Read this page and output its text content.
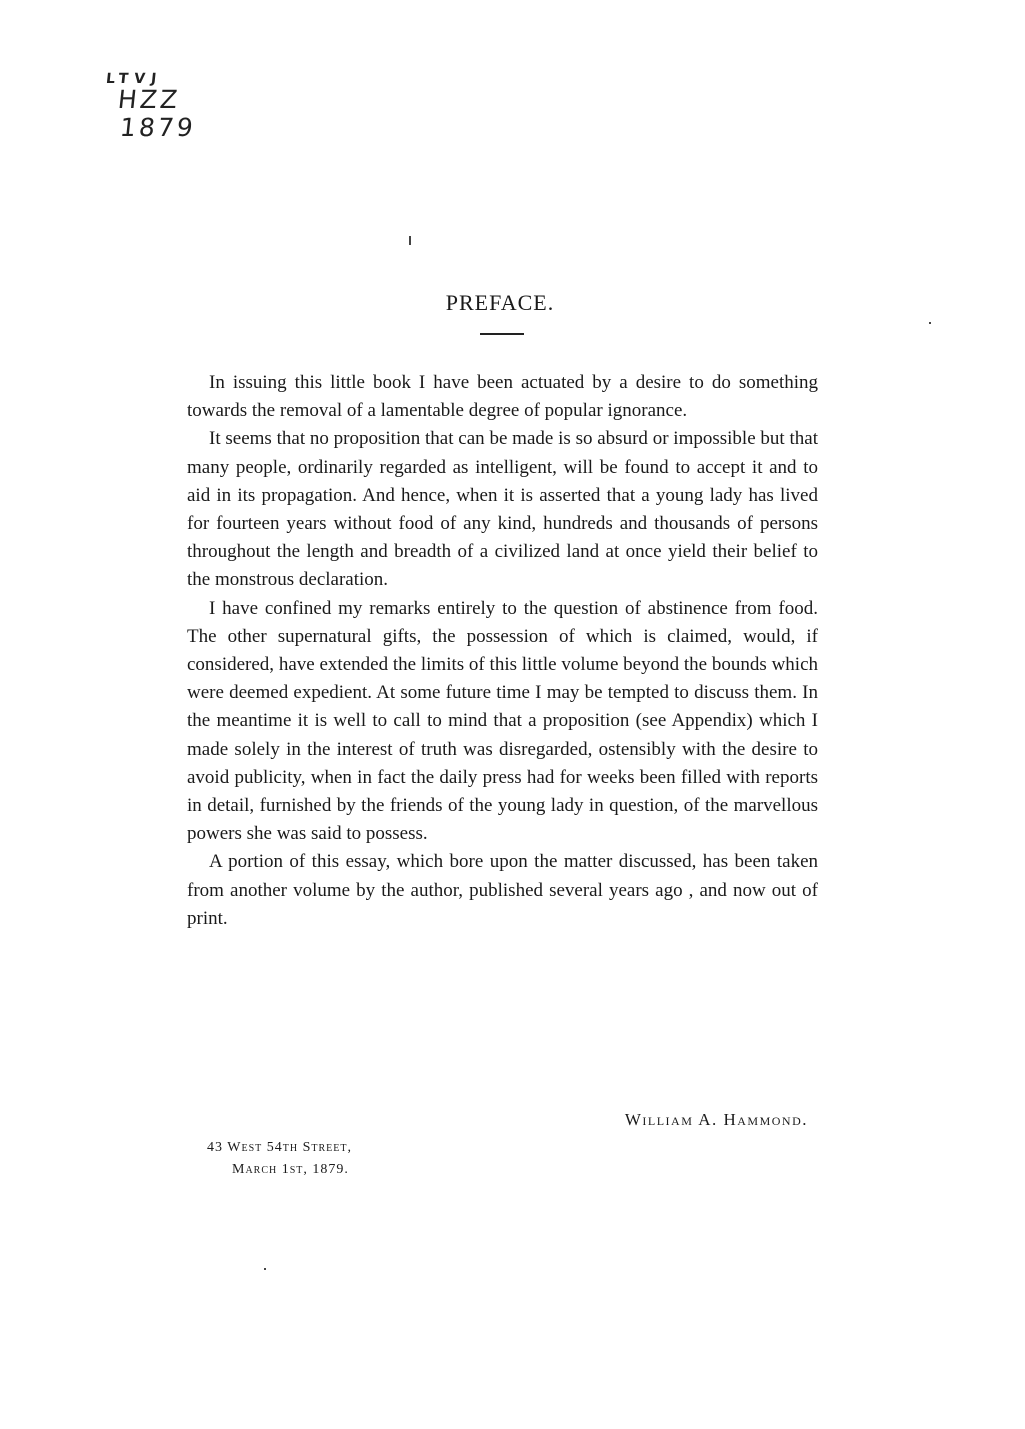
LTVJ
HZZ
1879
PREFACE.

In issuing this little book I have been actuated by a desire to do something towards the removal of a lamentable degree of popular ignorance.

It seems that no proposition that can be made is so absurd or impossible but that many people, ordinarily regarded as intelligent, will be found to accept it and to aid in its propagation. And hence, when it is asserted that a young lady has lived for fourteen years without food of any kind, hundreds and thousands of persons throughout the length and breadth of a civilized land at once yield their belief to the monstrous declaration.

I have confined my remarks entirely to the question of abstinence from food. The other supernatural gifts, the possession of which is claimed, would, if considered, have extended the limits of this little volume beyond the bounds which were deemed expedient. At some future time I may be tempted to discuss them. In the meantime it is well to call to mind that a proposition (see Appendix) which I made solely in the interest of truth was disregarded, ostensibly with the desire to avoid publicity, when in fact the daily press had for weeks been filled with reports in detail, furnished by the friends of the young lady in question, of the marvellous powers she was said to possess.

A portion of this essay, which bore upon the matter discussed, has been taken from another volume by the author, published several years ago , and now out of print.

William A. Hammond.
43 West 54th Street,
March 1st, 1879.
